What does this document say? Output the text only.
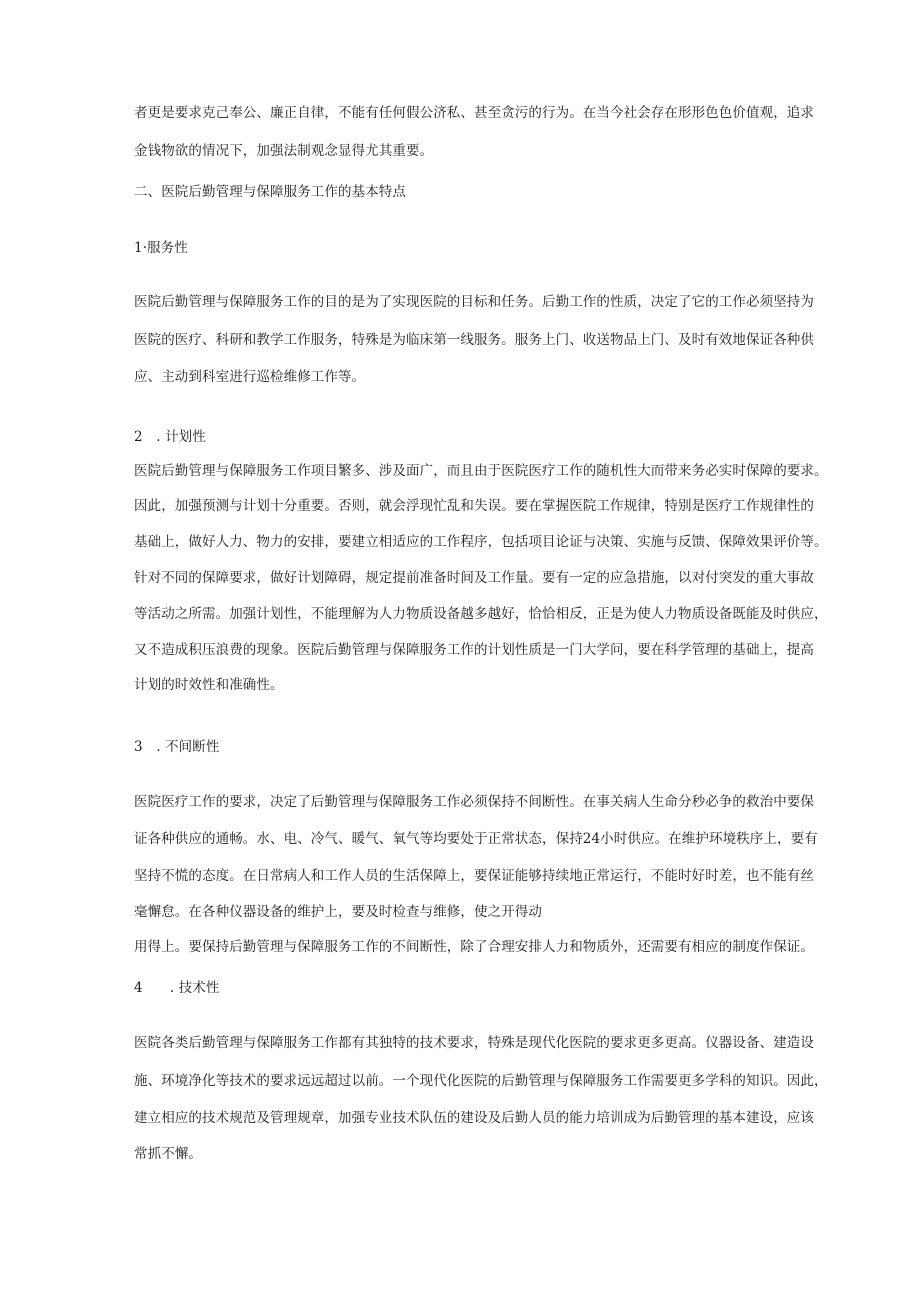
者更是要求克己奉公、廉正自律，不能有任何假公济私、甚至贪污的行为。在当今社会存在形形色色价值观，追求
金钱物欲的情况下，加强法制观念显得尤其重要。
二、医院后勤管理与保障服务工作的基本特点
1·服务性
医院后勤管理与保障服务工作的目的是为了实现医院的目标和任务。后勤工作的性质，决定了它的工作必须坚持为
医院的医疗、科研和教学工作服务，特殊是为临床第一线服务。服务上门、收送物品上门、及时有效地保证各种供
应、主动到科室进行巡检维修工作等。
2　. 计划性
医院后勤管理与保障服务工作项目繁多、涉及面广，而且由于医院医疗工作的随机性大而带来务必实时保障的要求。
因此，加强预测与计划十分重要。否则，就会浮现忙乱和失误。要在掌握医院工作规律，特别是医疗工作规律性的
基础上，做好人力、物力的安排，要建立相适应的工作程序，包括项目论证与决策、实施与反馈、保障效果评价等。
针对不同的保障要求，做好计划障碍，规定提前准备时间及工作量。要有一定的应急措施，以对付突发的重大事故
等活动之所需。加强计划性，不能理解为人力物质设备越多越好，恰恰相反，正是为使人力物质设备既能及时供应，
又不造成积压浪费的现象。医院后勤管理与保障服务工作的计划性质是一门大学问，要在科学管理的基础上，提高
计划的时效性和准确性。
3　. 不间断性
医院医疗工作的要求，决定了后勤管理与保障服务工作必须保持不间断性。在事关病人生命分秒必争的救治中要保
证各种供应的通畅。水、电、冷气、暖气、氧气等均要处于正常状态，保持24小时供应。在维护环境秩序上，要有
坚持不慌的态度。在日常病人和工作人员的生活保障上，要保证能够持续地正常运行，不能时好时差，也不能有丝
毫懈怠。在各种仪器设备的维护上，要及时检查与维修，使之开得动
用得上。要保持后勤管理与保障服务工作的不间断性，除了合理安排人力和物质外，还需要有相应的制度作保证。
4　　. 技术性
医院各类后勤管理与保障服务工作都有其独特的技术要求，特殊是现代化医院的要求更多更高。仪器设备、建造设
施、环境净化等技术的要求远远超过以前。一个现代化医院的后勤管理与保障服务工作需要更多学科的知识。因此，
建立相应的技术规范及管理规章，加强专业技术队伍的建设及后勤人员的能力培训成为后勤管理的基本建设，应该
常抓不懈。
